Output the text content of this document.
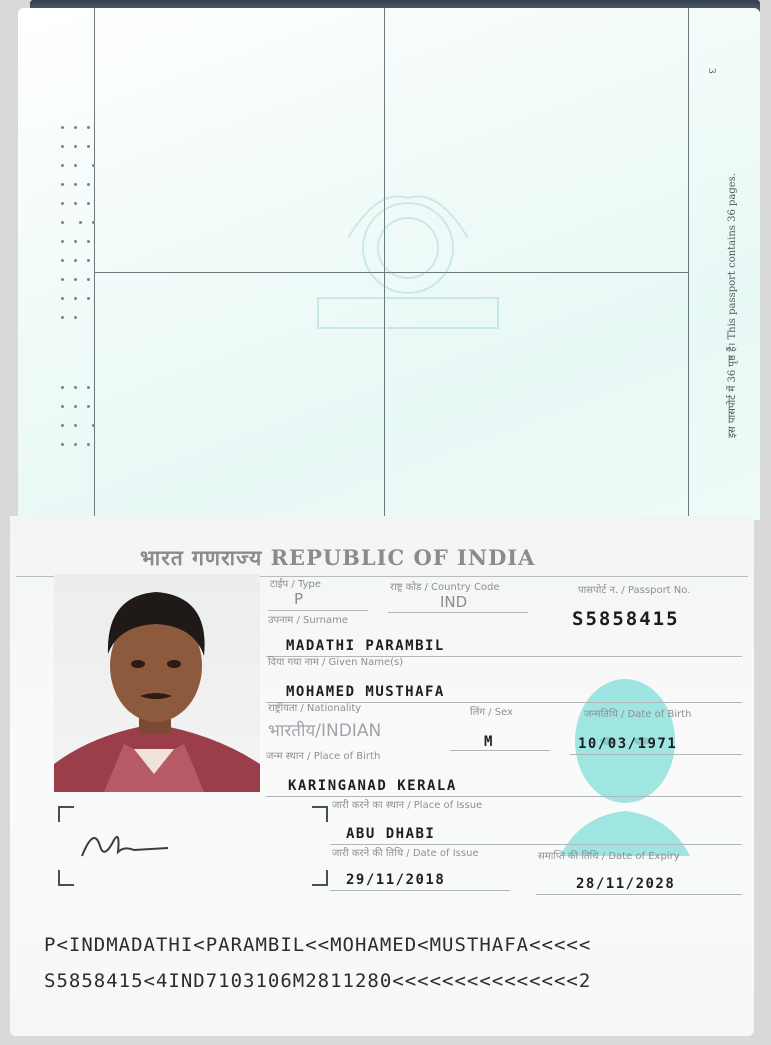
3
इस पासपोर्ट में 36 पृष्ठ हैं। This passport contains 36 pages.
भारत गणराज्य REPUBLIC OF INDIA
टाईप / Type
P
राष्ट्र कोड / Country Code
IND
पासपोर्ट न. / Passport No.
S5858415
उपनाम / Surname
MADATHI PARAMBIL
दिया गया नाम / Given Name(s)
MOHAMED MUSTHAFA
राष्ट्रीयता / Nationality
भारतीय/INDIAN
लिंग / Sex
M
जन्मतिथि / Date of Birth
10/03/1971
जन्म स्थान / Place of Birth
KARINGANAD KERALA
जारी करने का स्थान / Place of Issue
ABU DHABI
जारी करने की तिथि / Date of Issue
29/11/2018
समाप्ति की तिथि / Date of Expiry
28/11/2028
P<INDMADATHI<PARAMBIL<<MOHAMED<MUSTHAFA<<<<<
S5858415<4IND7103106M2811280<<<<<<<<<<<<<<<2
